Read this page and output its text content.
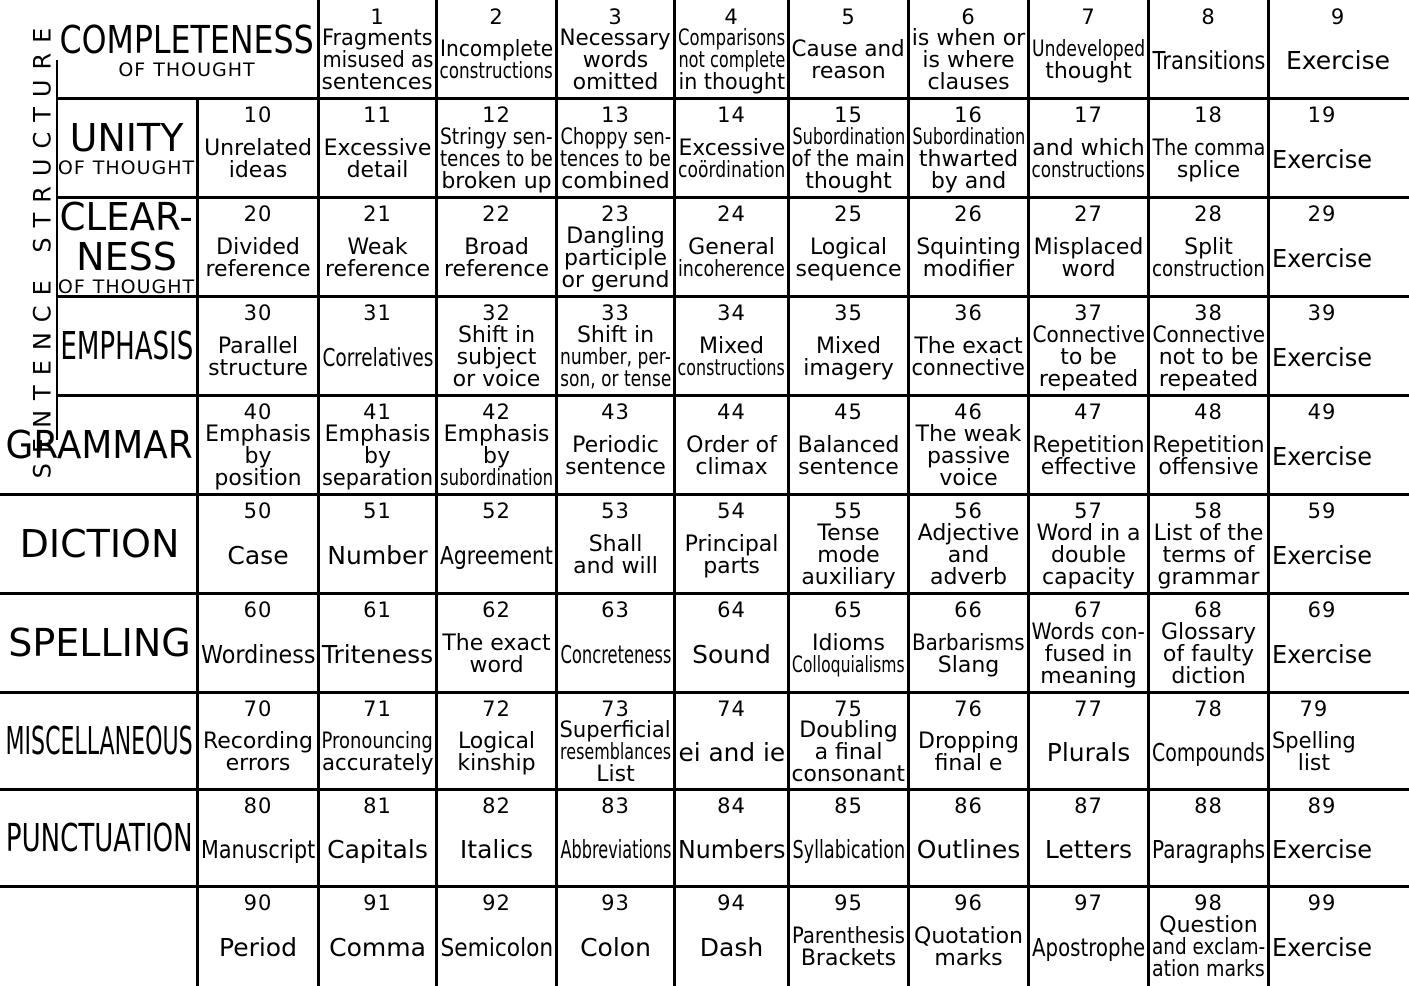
SENTENCE STRUCTURE COMPLETENESS
OF THOUGHT
UNITY
OF THOUGHT
CLEAR-
NESS
OF THOUGHT
EMPHASIS
GRAMMAR
DICTION
SPELLING
MISCELLANEOUS
PUNCTUATION
1
Fragments
misused as
sentences
2
Incomplete
constructions
3
Necessary
words
omitted
4
Comparisons
not complete
in thought
5
Cause and
reason
6
is when or
is where
clauses
7
Undeveloped
thought
8
Transitions
9
Exercise
10
Unrelated
ideas
11
Excessive
detail
12
Stringy sen-
tences to be
broken up
13
Choppy sen-
tences to be
combined
14
Excessive
coördination
15
Subordination
of the main
thought
16
Subordination
thwarted
by and
17
and which
constructions
18
The comma
splice
19
Exercise
20
Divided
reference
21
Weak
reference
22
Broad
reference
23
Dangling
participle
or gerund
24
General
incoherence
25
Logical
sequence
26
Squinting
modifier
27
Misplaced
word
28
Split
construction
29
Exercise
30
Parallel
structure
31
Correlatives
32
Shift in
subject
or voice
33
Shift in
number, per-
son, or tense
34
Mixed
constructions
35
Mixed
imagery
36
The exact
connective
37
Connective
to be
repeated
38
Connective
not to be
repeated
39
Exercise
40
Emphasis
by
position
41
Emphasis
by
separation
42
Emphasis
by
subordination
43
Periodic
sentence
44
Order of
climax
45
Balanced
sentence
46
The weak
passive
voice
47
Repetition
effective
48
Repetition
offensive
49
Exercise
50
Case
51
Number
52
Agreement
53
Shall
and will
54
Principal
parts
55
Tense
mode
auxiliary
56
Adjective
and
adverb
57
Word in a
double
capacity
58
List of the
terms of
grammar
59
Exercise
60
Wordiness
61
Triteness
62
The exact
word
63
Concreteness
64
Sound
65
Idioms
Colloquialisms
66
Barbarisms
Slang
67
Words con-
fused in
meaning
68
Glossary
of faulty
diction
69
Exercise
70
Recording
errors
71
Pronouncing
accurately
72
Logical
kinship
73
Superficial
resemblances
List
74
ei and ie
75
Doubling
a final
consonant
76
Dropping
final e
77
Plurals
78
Compounds
79
Spelling
list
80
Manuscript
81
Capitals
82
Italics
83
Abbreviations
84
Numbers
85
Syllabication
86
Outlines
87
Letters
88
Paragraphs
89
Exercise
90
Period
91
Comma
92
Semicolon
93
Colon
94
Dash
95
Parenthesis
Brackets
96
Quotation
marks
97
Apostrophe
98
Question
and exclam-
ation marks
99
Exercise
